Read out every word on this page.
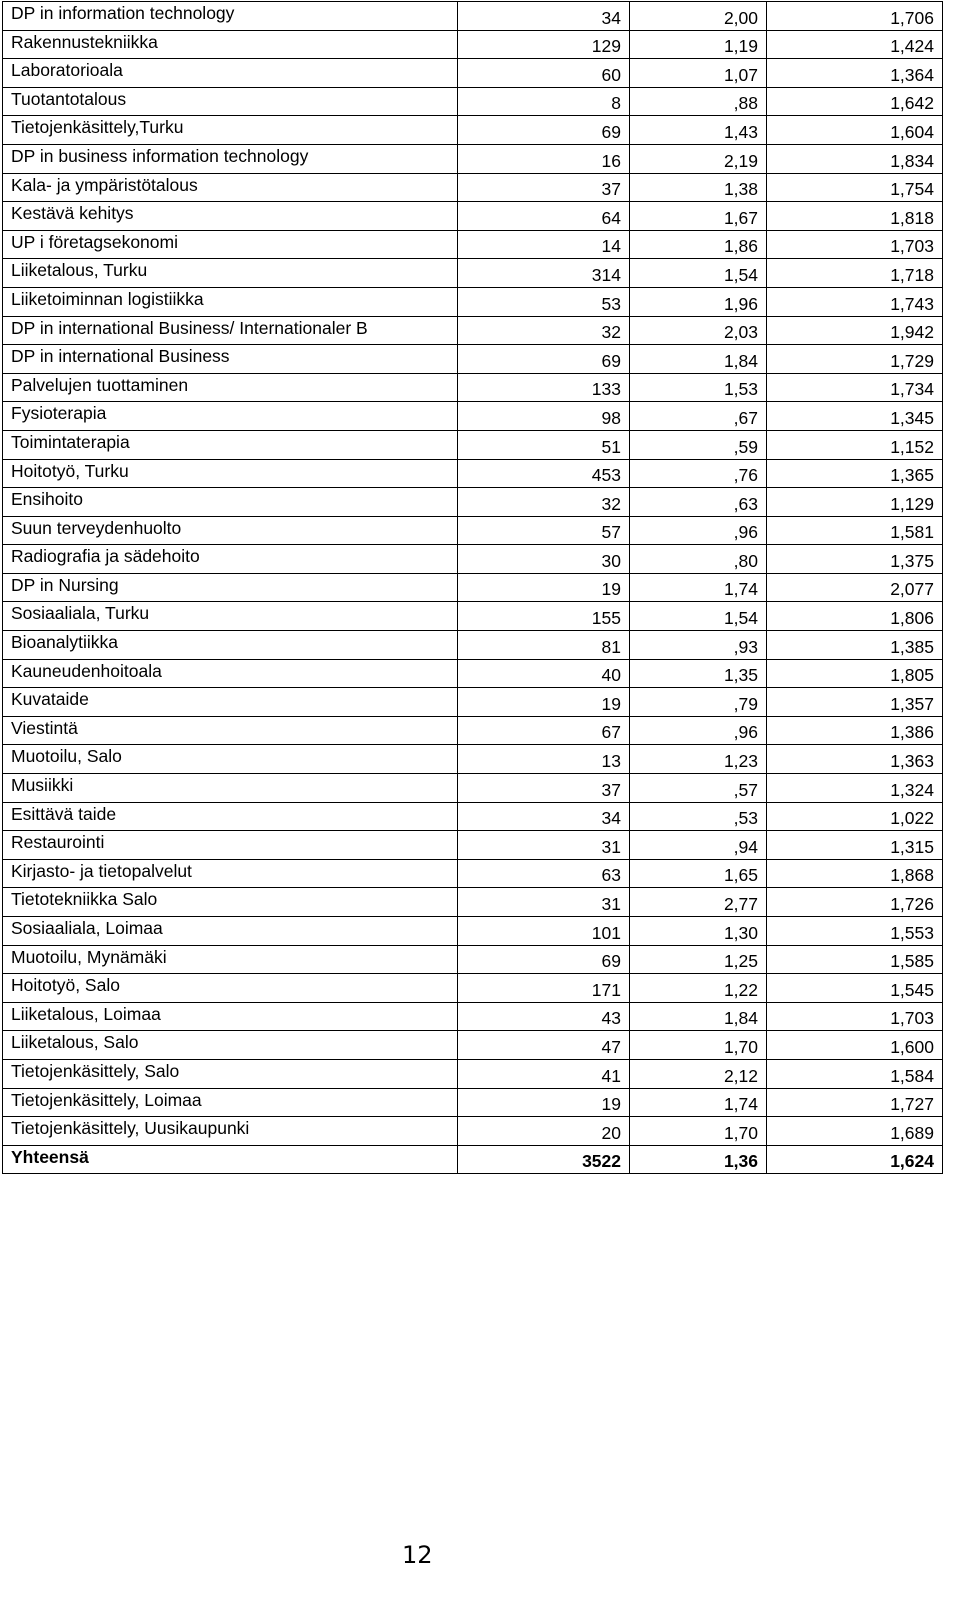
DP in information technology	34	2,00	1,706
Rakennustekniikka	129	1,19	1,424
Laboratorioala	60	1,07	1,364
Tuotantotalous	8	,88	1,642
Tietojenkäsittely,Turku	69	1,43	1,604
DP in business information technology	16	2,19	1,834
Kala- ja ympäristötalous	37	1,38	1,754
Kestävä kehitys	64	1,67	1,818
UP i företagsekonomi	14	1,86	1,703
Liiketalous, Turku	314	1,54	1,718
Liiketoiminnan logistiikka	53	1,96	1,743
DP in international Business/ Internationaler B	32	2,03	1,942
DP in international Business	69	1,84	1,729
Palvelujen tuottaminen	133	1,53	1,734
Fysioterapia	98	,67	1,345
Toimintaterapia	51	,59	1,152
Hoitotyö, Turku	453	,76	1,365
Ensihoito	32	,63	1,129
Suun terveydenhuolto	57	,96	1,581
Radiografia ja sädehoito	30	,80	1,375
DP in Nursing	19	1,74	2,077
Sosiaaliala, Turku	155	1,54	1,806
Bioanalytiikka	81	,93	1,385
Kauneudenhoitoala	40	1,35	1,805
Kuvataide	19	,79	1,357
Viestintä	67	,96	1,386
Muotoilu, Salo	13	1,23	1,363
Musiikki	37	,57	1,324
Esittävä taide	34	,53	1,022
Restaurointi	31	,94	1,315
Kirjasto- ja tietopalvelut	63	1,65	1,868
Tietotekniikka Salo	31	2,77	1,726
Sosiaaliala, Loimaa	101	1,30	1,553
Muotoilu, Mynämäki	69	1,25	1,585
Hoitotyö, Salo	171	1,22	1,545
Liiketalous, Loimaa	43	1,84	1,703
Liiketalous, Salo	47	1,70	1,600
Tietojenkäsittely, Salo	41	2,12	1,584
Tietojenkäsittely, Loimaa	19	1,74	1,727
Tietojenkäsittely, Uusikaupunki	20	1,70	1,689
Yhteensä	3522	1,36	1,624
12
